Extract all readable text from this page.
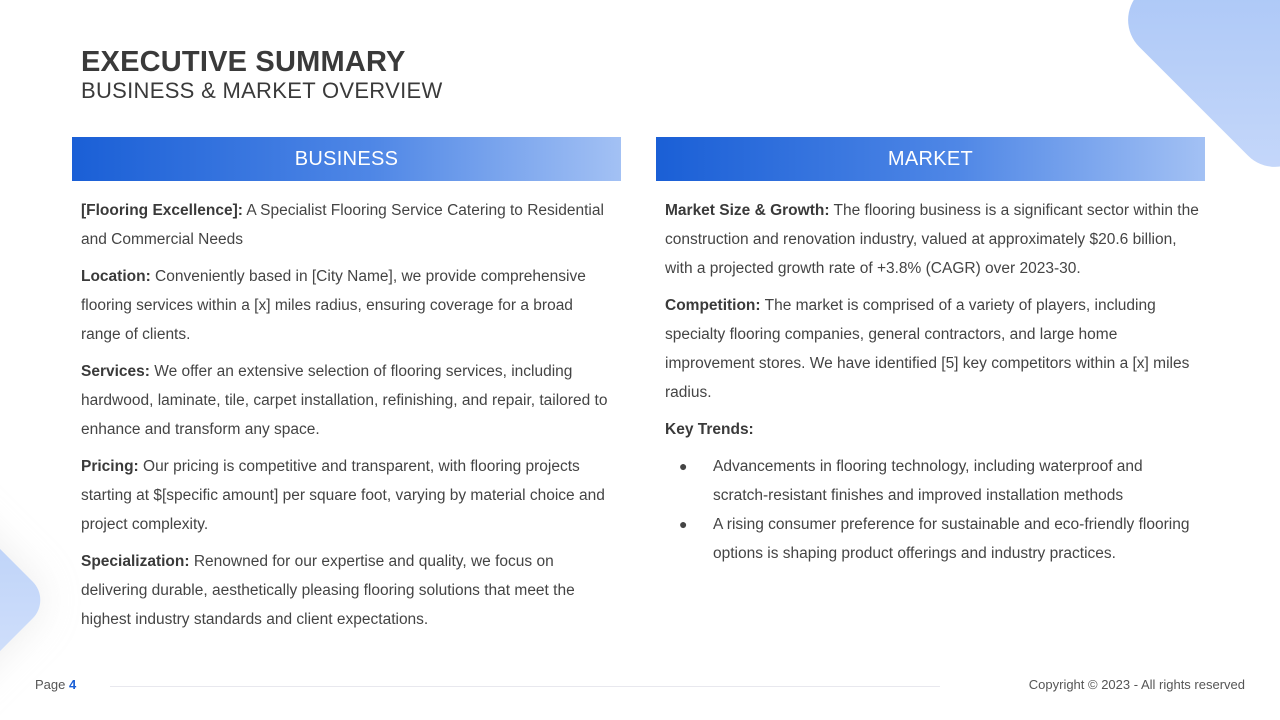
EXECUTIVE SUMMARY
BUSINESS & MARKET OVERVIEW
BUSINESS	MARKET

[Flooring Excellence]: A Specialist Flooring Service Catering to Residential and Commercial Needs

Location: Conveniently based in [City Name], we provide comprehensive flooring services within a [x] miles radius, ensuring coverage for a broad range of clients.

Services: We offer an extensive selection of flooring services, including hardwood, laminate, tile, carpet installation, refinishing, and repair, tailored to enhance and transform any space.

Pricing: Our pricing is competitive and transparent, with flooring projects starting at $[specific amount] per square foot, varying by material choice and project complexity.

Specialization: Renowned for our expertise and quality, we focus on delivering durable, aesthetically pleasing flooring solutions that meet the highest industry standards and client expectations.

Market Size & Growth: The flooring business is a significant sector within the construction and renovation industry, valued at approximately $20.6 billion, with a projected growth rate of +3.8% (CAGR) over 2023-30.

Competition: The market is comprised of a variety of players, including specialty flooring companies, general contractors, and large home improvement stores. We have identified [5] key competitors within a [x] miles radius.

Key Trends:

● Advancements in flooring technology, including waterproof and scratch-resistant finishes and improved installation methods
● A rising consumer preference for sustainable and eco-friendly flooring options is shaping product offerings and industry practices.
Page 4	Copyright © 2023 - All rights reserved
